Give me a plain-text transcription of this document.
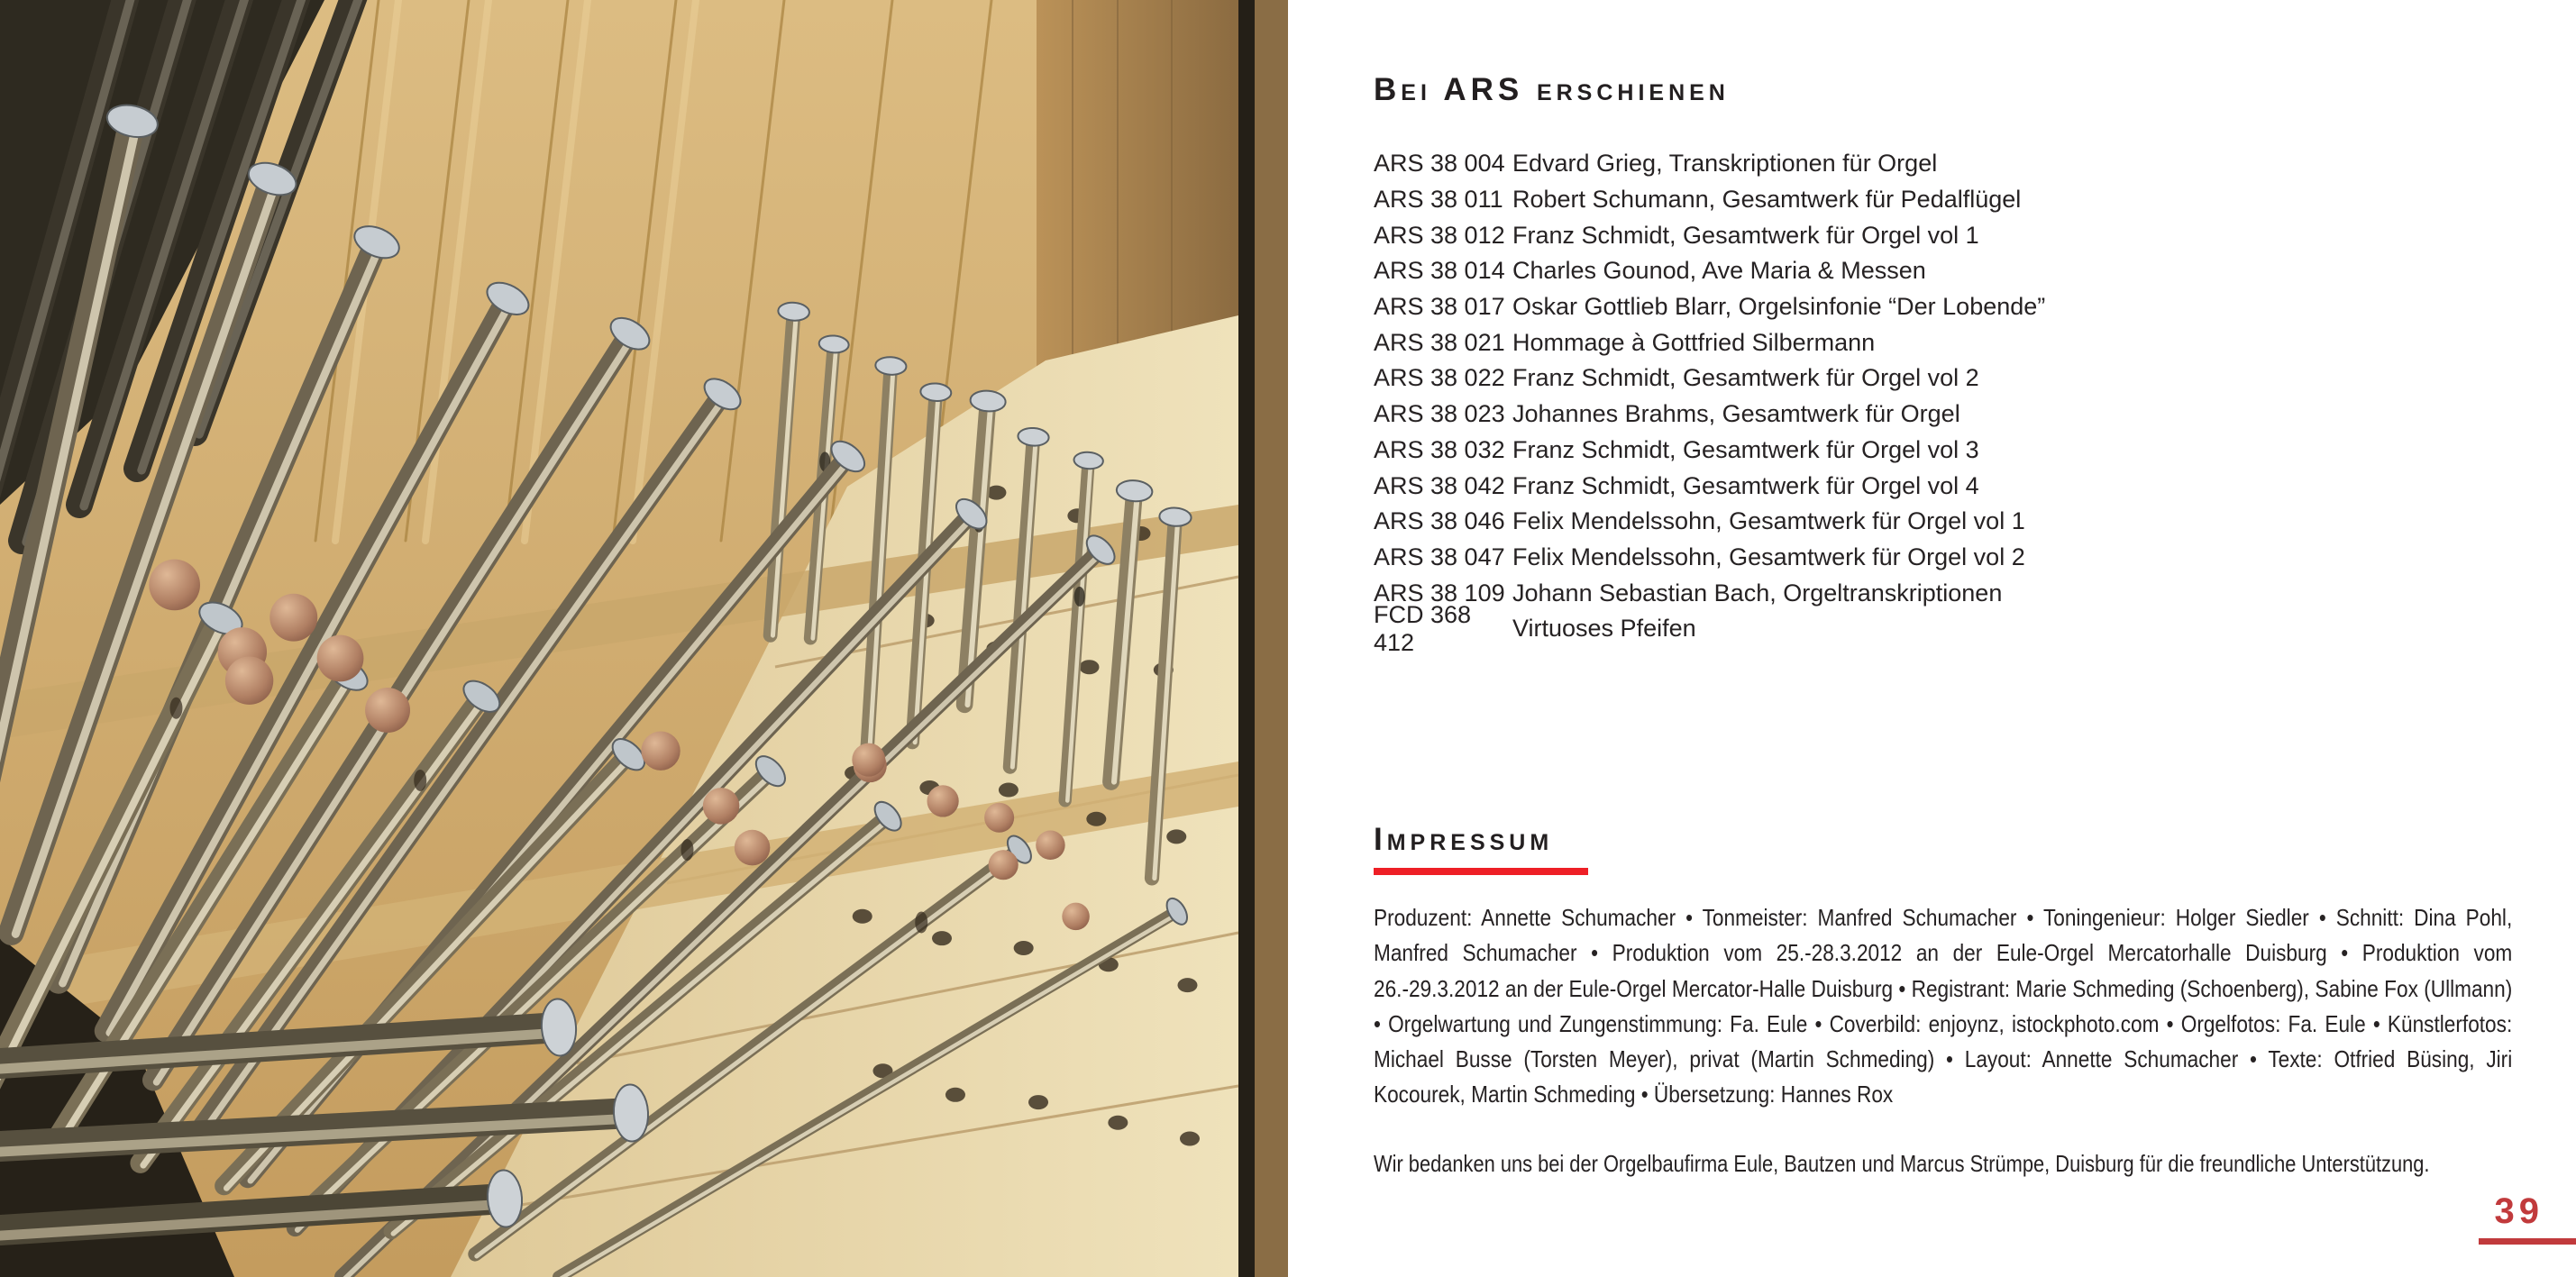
Bei ARS erschienen
ARS 38 004 Edvard Grieg, Transkriptionen für Orgel
ARS 38 011 Robert Schumann, Gesamtwerk für Pedalflügel
ARS 38 012 Franz Schmidt, Gesamtwerk für Orgel vol 1
ARS 38 014 Charles Gounod, Ave Maria & Messen
ARS 38 017 Oskar Gottlieb Blarr, Orgelsinfonie “Der Lobende”
ARS 38 021 Hommage à Gottfried Silbermann
ARS 38 022 Franz Schmidt, Gesamtwerk für Orgel vol 2
ARS 38 023 Johannes Brahms, Gesamtwerk für Orgel
ARS 38 032 Franz Schmidt, Gesamtwerk für Orgel vol 3
ARS 38 042 Franz Schmidt, Gesamtwerk für Orgel vol 4
ARS 38 046 Felix Mendelssohn, Gesamtwerk für Orgel vol 1
ARS 38 047 Felix Mendelssohn, Gesamtwerk für Orgel vol 2
ARS 38 109 Johann Sebastian Bach, Orgeltranskriptionen
FCD 368 412
Virtuoses Pfeifen
Impressum

Produzent: Annette Schumacher • Tonmeister: Manfred Schumacher • Toningenieur: Holger Siedler • Schnitt: Dina Pohl, Manfred Schumacher • Produktion vom 25.-28.3.2012 an der Eule-Orgel Mercatorhalle Duisburg • Produktion vom 26.-29.3.2012 an der Eule-Orgel Mercator-Halle Duisburg • Registrant: Marie Schmeding (Schoenberg), Sabine Fox (Ullmann) • Orgelwartung und Zungenstimmung: Fa. Eule • Coverbild: enjoynz, istockphoto.com • Orgelfotos: Fa. Eule • Künstlerfotos: Michael Busse (Torsten Meyer), privat (Martin Schmeding) • Layout: Annette Schumacher • Texte: Otfried Büsing, Jiri Kocourek, Martin Schmeding • Übersetzung: Hannes Rox

Wir bedanken uns bei der Orgelbaufirma Eule, Bautzen und Marcus Strümpe, Duisburg für die freundliche Unterstützung.

39
